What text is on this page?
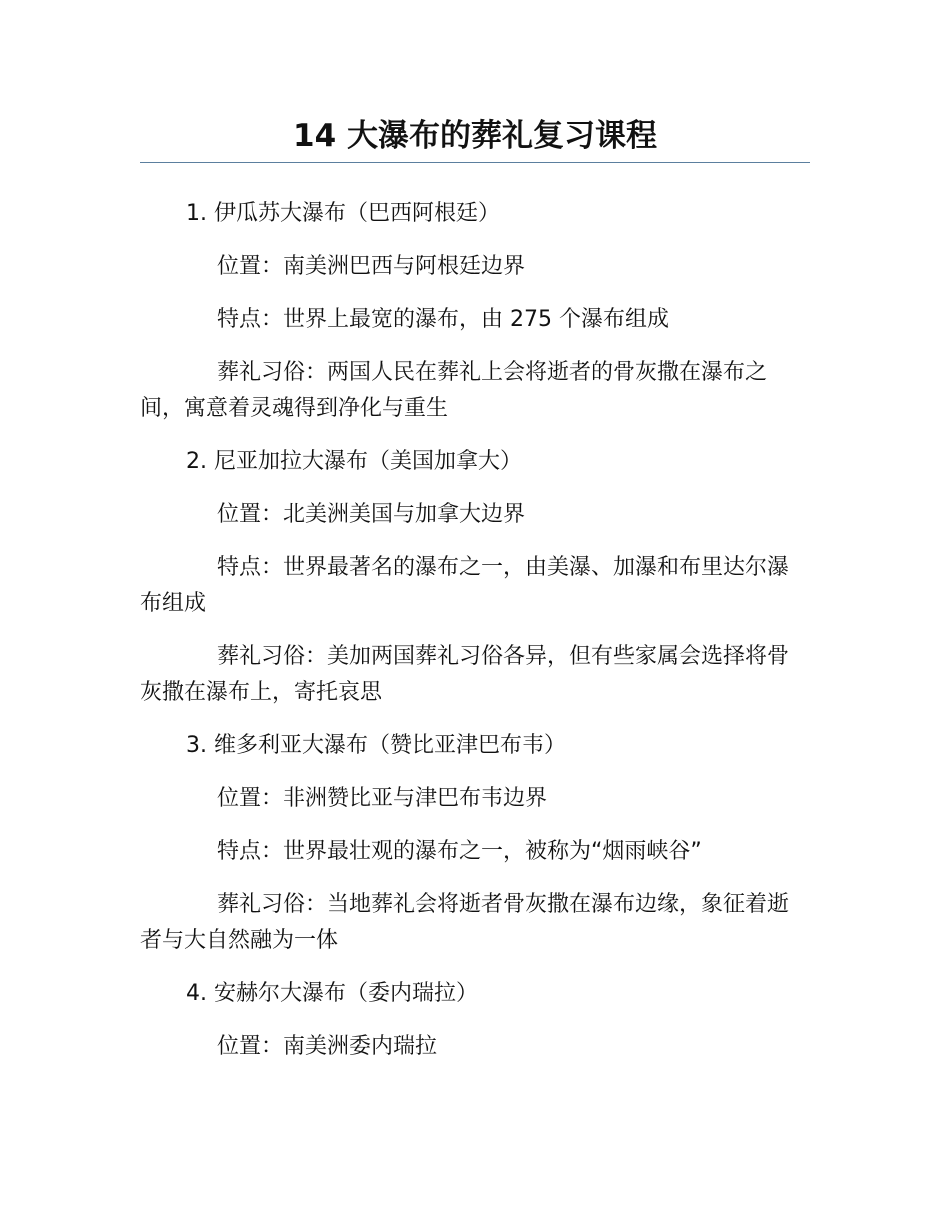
14 大瀑布的葬礼复习课程

1. 伊瓜苏大瀑布（巴西阿根廷）

位置：南美洲巴西与阿根廷边界

特点：世界上最宽的瀑布，由 275 个瀑布组成

葬礼习俗：两国人民在葬礼上会将逝者的骨灰撒在瀑布之间，寓意着灵魂得到净化与重生

2. 尼亚加拉大瀑布（美国加拿大）

位置：北美洲美国与加拿大边界

特点：世界最著名的瀑布之一，由美瀑、加瀑和布里达尔瀑布组成

葬礼习俗：美加两国葬礼习俗各异，但有些家属会选择将骨灰撒在瀑布上，寄托哀思

3. 维多利亚大瀑布（赞比亚津巴布韦）

位置：非洲赞比亚与津巴布韦边界

特点：世界最壮观的瀑布之一，被称为“烟雨峡谷”

葬礼习俗：当地葬礼会将逝者骨灰撒在瀑布边缘，象征着逝者与大自然融为一体

4. 安赫尔大瀑布（委内瑞拉）

位置：南美洲委内瑞拉
